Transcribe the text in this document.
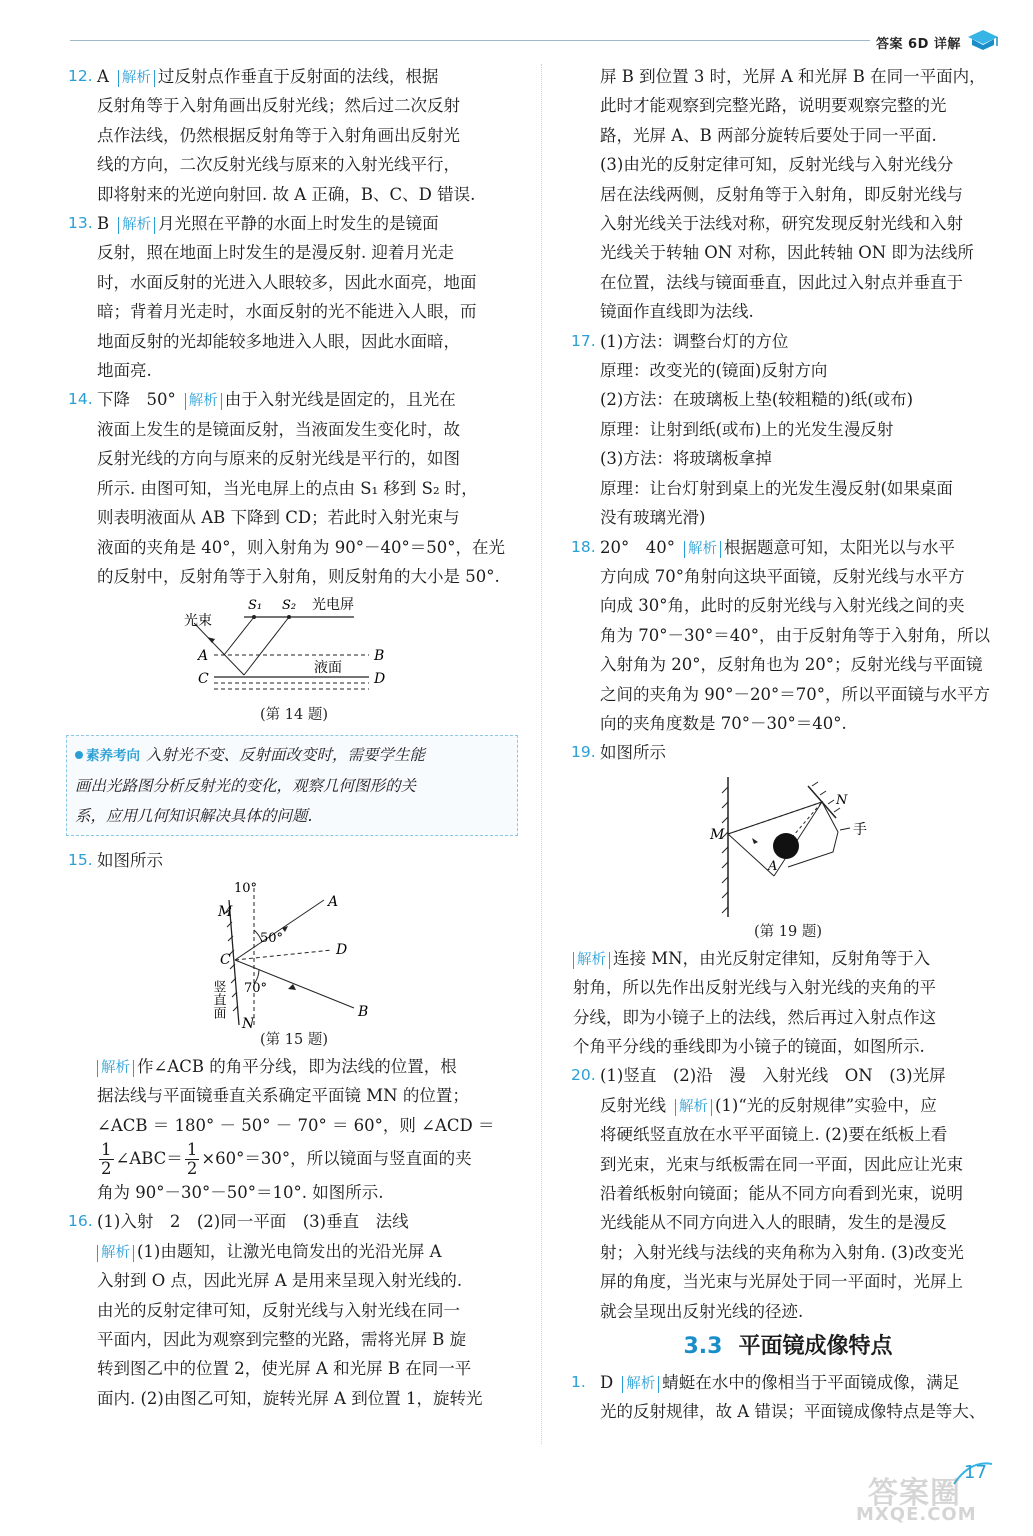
答案 6D 详解
12. A 解析 过反射点作垂直于反射面的法线，根据
反射角等于入射角画出反射光线；然后过二次反射
点作法线，仍然根据反射角等于入射角画出反射光
线的方向，二次反射光线与原来的入射光线平行，
即将射来的光逆向射回. 故 A 正确，B、C、D 错误.
13. B 解析 月光照在平静的水面上时发生的是镜面
反射，照在地面上时发生的是漫反射. 迎着月光走
时，水面反射的光进入人眼较多，因此水面亮，地面
暗；背着月光走时，水面反射的光不能进入人眼，而
地面反射的光却能较多地进入人眼，因此水面暗，
地面亮.
14. 下降　50° 解析 由于入射光线是固定的，且光在
液面上发生的是镜面反射，当液面发生变化时，故
反射光线的方向与原来的反射光线是平行的，如图
所示. 由图可知，当光电屏上的点由 S₁ 移到 S₂ 时，
则表明液面从 AB 下降到 CD；若此时入射光束与
液面的夹角是 40°，则入射角为 90°－40°＝50°，在光
的反射中，反射角等于入射角，则反射角的大小是 50°.
光束
S₁ S₂ 光电屏
A	B
C	D
液面
(第 14 题)
素养考向 入射光不变、反射面改变时，需要学生能
画出光路图分析反射光的变化，观察几何图形的关
系，应用几何知识解决具体的问题.
15. 如图所示
10°
M
50°
A
D
C
竖直面 70°
B
N
(第 15 题)
解析 作∠ACB 的角平分线，即为法线的位置，根
据法线与平面镜垂直关系确定平面镜 MN 的位置；
∠ACB ＝ 180° － 50° － 70° ＝ 60°，则 ∠ACD ＝
$\frac{1}{2}$ ∠ABC＝ $\frac{1}{2} \times 60^\circ=30^\circ$，所以镜面与竖直面的夹
角为 90°－30°－50°＝10°. 如图所示.
16. (1)入射　2　(2)同一平面　(3)垂直　法线
解析 (1)由题知，让激光电筒发出的光沿光屏 A
入射到 O 点，因此光屏 A 是用来呈现入射光线的.
由光的反射定律可知，反射光线与入射光线在同一
平面内，因此为观察到完整的光路，需将光屏 B 旋
转到图乙中的位置 2，使光屏 A 和光屏 B 在同一平
面内. (2)由图乙可知，旋转光屏 A 到位置 1，旋转光
屏 B 到位置 3 时，光屏 A 和光屏 B 在同一平面内，
此时才能观察到完整光路，说明要观察完整的光
路，光屏 A、B 两部分旋转后要处于同一平面.
(3)由光的反射定律可知，反射光线与入射光线分
居在法线两侧，反射角等于入射角，即反射光线与
入射光线关于法线对称，研究发现反射光线和入射
光线关于转轴 ON 对称，因此转轴 ON 即为法线所
在位置，法线与镜面垂直，因此过入射点并垂直于
镜面作直线即为法线.
17. (1)方法：调整台灯的方位
原理：改变光的(镜面)反射方向
(2)方法：在玻璃板上垫(较粗糙的)纸(或布)
原理：让射到纸(或布)上的光发生漫反射
(3)方法：将玻璃板拿掉
原理：让台灯射到桌上的光发生漫反射(如果桌面
没有玻璃光滑)
18. 20°　40° 解析 根据题意可知，太阳光以与水平
方向成 70°角射向这块平面镜，反射光线与水平方
向成 30°角，此时的反射光线与入射光线之间的夹
角为 70°－30°＝40°，由于反射角等于入射角，所以
入射角为 20°，反射角也为 20°；反射光线与平面镜
之间的夹角为 90°－20°＝70°，所以平面镜与水平方
向的夹角度数是 70°－30°＝40°.
19. 如图所示
M
N
A
手
(第 19 题)
解析 连接 MN，由光反射定律知，反射角等于入
射角，所以先作出反射光线与入射光线的夹角的平
分线，即为小镜子上的法线，然后再过入射点作这
个角平分线的垂线即为小镜子的镜面，如图所示.
20. (1)竖直　(2)沿　漫　入射光线　ON　(3)光屏
反射光线 解析 (1)“光的反射规律”实验中，应
将硬纸竖直放在水平平面镜上. (2)要在纸板上看
到光束，光束与纸板需在同一平面，因此应让光束
沿着纸板射向镜面；能从不同方向看到光束，说明
光线能从不同方向进入人的眼睛，发生的是漫反
射；入射光线与法线的夹角称为入射角. (3)改变光
屏的角度，当光束与光屏处于同一平面时，光屏上
就会呈现出反射光线的径迹.
3.3 平面镜成像特点
1. D 解析 蜻蜓在水中的像相当于平面镜成像，满足
光的反射规律，故 A 错误；平面镜成像特点是等大、
17
MXQE.COM
答案圈
